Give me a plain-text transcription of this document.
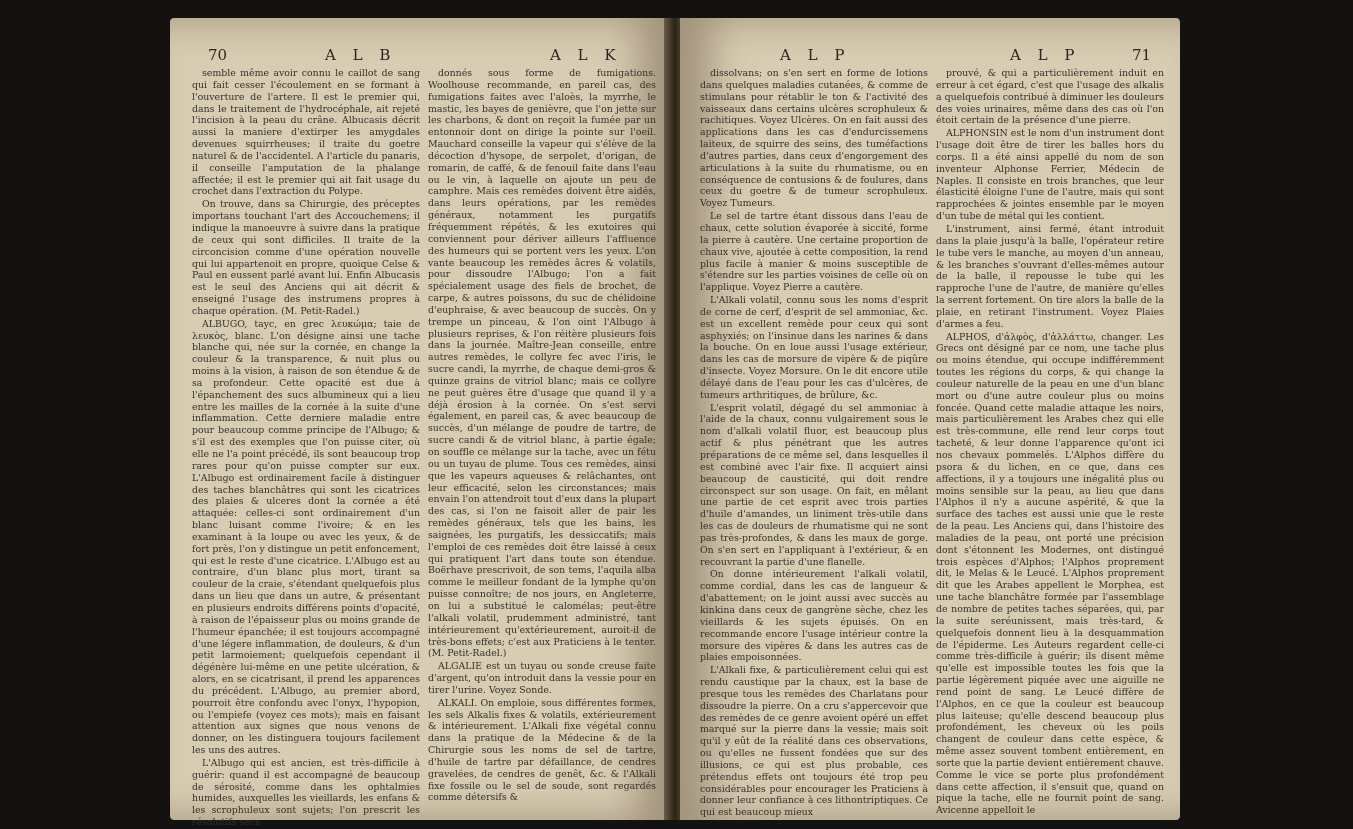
70	A L B	A L K

semble même avoir connu le caillot de sang qui fait cesser l'écoulement en se formant à l'ouverture de l'artere. Il est le premier qui, dans le traitement de l'hydrocéphale, ait rejeté l'incision à la peau du crâne. Albucasis décrit aussi la maniere d'extirper les amygdales devenues squirrheuses; il traite du goetre naturel & de l'accidentel. A l'article du panaris, il conseille l'amputation de la phalange affectée; il est le premier qui ait fait usage du crochet dans l'extraction du Polype.

On trouve, dans sa Chirurgie, des préceptes importans touchant l'art des Accouchemens; il indique la manoeuvre à suivre dans la pratique de ceux qui sont difficiles. Il traite de la circoncision comme d'une opération nouvelle qui lui appartenoit en propre, quoique Celse & Paul en eussent parlé avant lui. Enfin Albucasis est le seul des Anciens qui ait décrit & enseigné l'usage des instrumens propres à chaque opération. (M. Petit-Radel.)

ALBUGO, tayc, en grec λευκώμα; taie de λευκὸς, blanc. L'on désigne ainsi une tache blanche qui, née sur la cornée, en change la couleur & la transparence, & nuit plus ou moins à la vision, à raison de son étendue & de sa profondeur. Cette opacité est due à l'épanchement des sucs albumineux qui a lieu entre les mailles de la cornée à la suite d'une inflammation. Cette derniere maladie entre pour beaucoup comme principe de l'Albugo; & s'il est des exemples que l'on puisse citer, où elle ne l'a point précédé, ils sont beaucoup trop rares pour qu'on puisse compter sur eux. L'Albugo est ordinairement facile à distinguer des taches blanchâtres qui sont les cicatrices des plaies & ulceres dont la cornée a été attaquée: celles-ci sont ordinairement d'un blanc luisant comme l'ivoire; & en les examinant à la loupe ou avec les yeux, & de fort près, l'on y distingue un petit enfoncement, qui est le reste d'une cicatrice. L'Albugo est au contraire, d'un blanc plus mort, tirant sa couleur de la craie, s'étendant quelquefois plus dans un lieu que dans un autre, & présentant en plusieurs endroits différens points d'opacité, à raison de l'épaisseur plus ou moins grande de l'humeur épanchée; il est toujours accompagné d'une légere inflammation, de douleurs, & d'un petit larmoiement; quelquefois cependant il dégénère lui-même en une petite ulcération, & alors, en se cicatrisant, il prend les apparences du précédent. L'Albugo, au premier abord, pourroit être confondu avec l'onyx, l'hypopion, ou l'empiefe (voyez ces mots); mais en faisant attention aux signes que nous venons de donner, on les distinguera toujours facilement les uns des autres.

L'Albugo qui est ancien, est très-difficile à guérir: quand il est accompagné de beaucoup de sérosité, comme dans les ophtalmies humides, auxquelles les vieillards, les enfans & les scrophuleux sont sujets; l'on prescrit les résolutifs secs

donnés sous forme de fumigations. Woolhouse recommande, en pareil cas, des fumigations faites avec l'aloès, la myrrhe, le mastic, les bayes de genièvre, que l'on jette sur les charbons, & dont on reçoit la fumée par un entonnoir dont on dirige la pointe sur l'oeil. Mauchard conseille la vapeur qui s'élève de la décoction d'hysope, de serpolet, d'origan, de romarin, de caffé, & de fenouil faite dans l'eau ou le vin, à laquelle on ajoute un peu de camphre. Mais ces remèdes doivent être aidés, dans leurs opérations, par les remèdes généraux, notamment les purgatifs fréquemment répétés, & les exutoires qui conviennent pour dériver ailleurs l'affluence des humeurs qui se portent vers les yeux. L'on vante beaucoup les remèdes âcres & volatils, pour dissoudre l'Albugo; l'on a fait spécialement usage des fiels de brochet, de carpe, & autres poissons, du suc de chélidoine d'euphraise, & avec beaucoup de succès. On y trempe un pinceau, & l'on oint l'Albugo à plusieurs reprises, & l'on réitère plusieurs fois dans la journée. Maître-Jean conseille, entre autres remèdes, le collyre fec avec l'iris, le sucre candi, la myrrhe, de chaque demi-gros & quinze grains de vitriol blanc; mais ce collyre ne peut guères être d'usage que quand il y a déjà érosion à la cornée. On s'est servi également, en pareil cas, & avec beaucoup de succès, d'un mélange de poudre de tartre, de sucre candi & de vitriol blanc, à partie égale; on souffle ce mélange sur la tache, avec un fétu ou un tuyau de plume. Tous ces remèdes, ainsi que les vapeurs aqueuses & relâchantes, ont leur efficacité, selon les circonstances; mais envain l'on attendroit tout d'eux dans la plupart des cas, si l'on ne faisoit aller de pair les remèdes généraux, tels que les bains, les saignées, les purgatifs, les dessiccatifs; mais l'emploi de ces remèdes doit être laissé à ceux qui pratiquent l'art dans toute son étendue. Boërhave prescrivoit, de son tems, l'aquila alba comme le meilleur fondant de la lymphe qu'on puisse connoître; de nos jours, en Angleterre, on lui a substitué le calomélas; peut-être l'alkali volatil, prudemment administré, tant intérieurement qu'extérieurement, auroit-il de très-bons effets; c'est aux Praticiens à le tenter. (M. Petit-Radel.)

ALGALIE est un tuyau ou sonde creuse faite d'argent, qu'on introduit dans la vessie pour en tirer l'urine. Voyez Sonde.

ALKALI. On emploie, sous différentes formes, les sels Alkalis fixes & volatils, extérieurement & intérieurement. L'Alkali fixe végétal connu dans la pratique de la Médecine & de la Chirurgie sous les noms de sel de tartre, d'huile de tartre par défaillance, de cendres gravelées, de cendres de genêt, &c. & l'Alkali fixe fossile ou le sel de soude, sont regardés comme détersifs &

A L P	A L P	71

dissolvans; on s'en sert en forme de lotions dans quelques maladies cutanées, & comme de stimulans pour rétablir le ton & l'activité des vaisseaux dans certains ulcères scrophuleux & rachitiques. Voyez Ulcères. On en fait aussi des applications dans les cas d'endurcissemens laiteux, de squirre des seins, des tuméfactions d'autres parties, dans ceux d'engorgement des articulations à la suite du rhumatisme, ou en conséquence de contusions & de foulures, dans ceux du goetre & de tumeur scrophuleux. Voyez Tumeurs.

Le sel de tartre étant dissous dans l'eau de chaux, cette solution évaporée à siccité, forme la pierre à cautère. Une certaine proportion de chaux vive, ajoutée à cette composition, la rend plus facile à manier & moins susceptible de s'étendre sur les parties voisines de celle où on l'applique. Voyez Pierre a cautère.

L'Alkali volatil, connu sous les noms d'esprit de corne de cerf, d'esprit de sel ammoniac, &c. est un excellent remède pour ceux qui sont asphyxiés; on l'insinue dans les narines & dans la bouche. On en loue aussi l'usage extérieur, dans les cas de morsure de vipère & de piqûre d'insecte. Voyez Morsure. On le dit encore utile délayé dans de l'eau pour les cas d'ulcères, de tumeurs arthritiques, de brûlure, &c.

L'esprit volatil, dégagé du sel ammoniac à l'aide de la chaux, connu vulgairement sous le nom d'alkali volatil fluor, est beaucoup plus actif & plus pénétrant que les autres préparations de ce même sel, dans lesquelles il est combiné avec l'air fixe. Il acquiert ainsi beaucoup de causticité, qui doit rendre circonspect sur son usage. On fait, en mêlant une partie de cet esprit avec trois parties d'huile d'amandes, un liniment très-utile dans les cas de douleurs de rhumatisme qui ne sont pas très-profondes, & dans les maux de gorge. On s'en sert en l'appliquant à l'extérieur, & en recouvrant la partie d'une flanelle.

On donne intérieurement l'alkali volatil, comme cordial, dans les cas de langueur & d'abattement; on le joint aussi avec succès au kinkina dans ceux de gangrène sèche, chez les vieillards & les sujets épuisés. On en recommande encore l'usage intérieur contre la morsure des vipères & dans les autres cas de plaies empoisonnées.

L'Alkali fixe, & particulièrement celui qui est rendu caustique par la chaux, est la base de presque tous les remèdes des Charlatans pour dissoudre la pierre. On a cru s'appercevoir que des remèdes de ce genre avoient opéré un effet marqué sur la pierre dans la vessie; mais soit qu'il y eût de la réalité dans ces observations, ou qu'elles ne fussent fondées que sur des illusions, ce qui est plus probable, ces prétendus effets ont toujours été trop peu considérables pour encourager les Praticiens à donner leur confiance à ces lithontriptiques. Ce qui est beaucoup mieux

prouvé, & qui a particulièrement induit en erreur à cet égard, c'est que l'usage des alkalis a quelquefois contribué à diminuer les douleurs des voies urinaires, même dans des cas où l'on étoit certain de la présence d'une pierre.

ALPHONSIN est le nom d'un instrument dont l'usage doit être de tirer les balles hors du corps. Il a été ainsi appellé du nom de son inventeur Alphonse Ferrier, Médecin de Naples. Il consiste en trois branches, que leur élasticité éloigne l'une de l'autre, mais qui sont rapprochées & jointes ensemble par le moyen d'un tube de métal qui les contient.

L'instrument, ainsi fermé, étant introduit dans la plaie jusqu'à la balle, l'opérateur retire le tube vers le manche, au moyen d'un anneau, & les branches s'ouvrant d'elles-mêmes autour de la balle, il repousse le tube qui les rapproche l'une de l'autre, de manière qu'elles la serrent fortement. On tire alors la balle de la plaie, en retirant l'instrument. Voyez Plaies d'armes a feu.

ALPHOS, d'ἀλφὸς, d'ἀλλάττω, changer. Les Grecs ont désigné par ce nom, une tache plus ou moins étendue, qui occupe indifféremment toutes les régions du corps, & qui change la couleur naturelle de la peau en une d'un blanc mort ou d'une autre couleur plus ou moins foncée. Quand cette maladie attaque les noirs, mais particulièrement les Arabes chez qui elle est très-commune, elle rend leur corps tout tacheté, & leur donne l'apparence qu'ont ici nos chevaux pommelés. L'Alphos diffère du psora & du lichen, en ce que, dans ces affections, il y a toujours une inégalité plus ou moins sensible sur la peau, au lieu que dans l'Alphos il n'y a aucune aspérité, & que la surface des taches est aussi unie que le reste de la peau. Les Anciens qui, dans l'histoire des maladies de la peau, ont porté une précision dont s'étonnent les Modernes, ont distingué trois espèces d'Alphos; l'Alphos proprement dit, le Melas & le Leucé. L'Alphos proprement dit que les Arabes appellent le Morphea, est une tache blanchâtre formée par l'assemblage de nombre de petites taches séparées, qui, par la suite seréunissent, mais très-tard, & quelquefois donnent lieu à la desquammation de l'épiderme. Les Auteurs regardent celle-ci comme très-difficile à guérir; ils disent même qu'elle est impossible toutes les fois que la partie légèrement piquée avec une aiguille ne rend point de sang. Le Leucé diffère de l'Alphos, en ce que la couleur est beaucoup plus laiteuse; qu'elle descend beaucoup plus profondément, les cheveux où les poils changent de couleur dans cette espèce, & même assez souvent tombent entièrement, en sorte que la partie devient entièrement chauve. Comme le vice se porte plus profondément dans cette affection, il s'ensuit que, quand on pique la tache, elle ne fournit point de sang. Avicenne appelloit le
